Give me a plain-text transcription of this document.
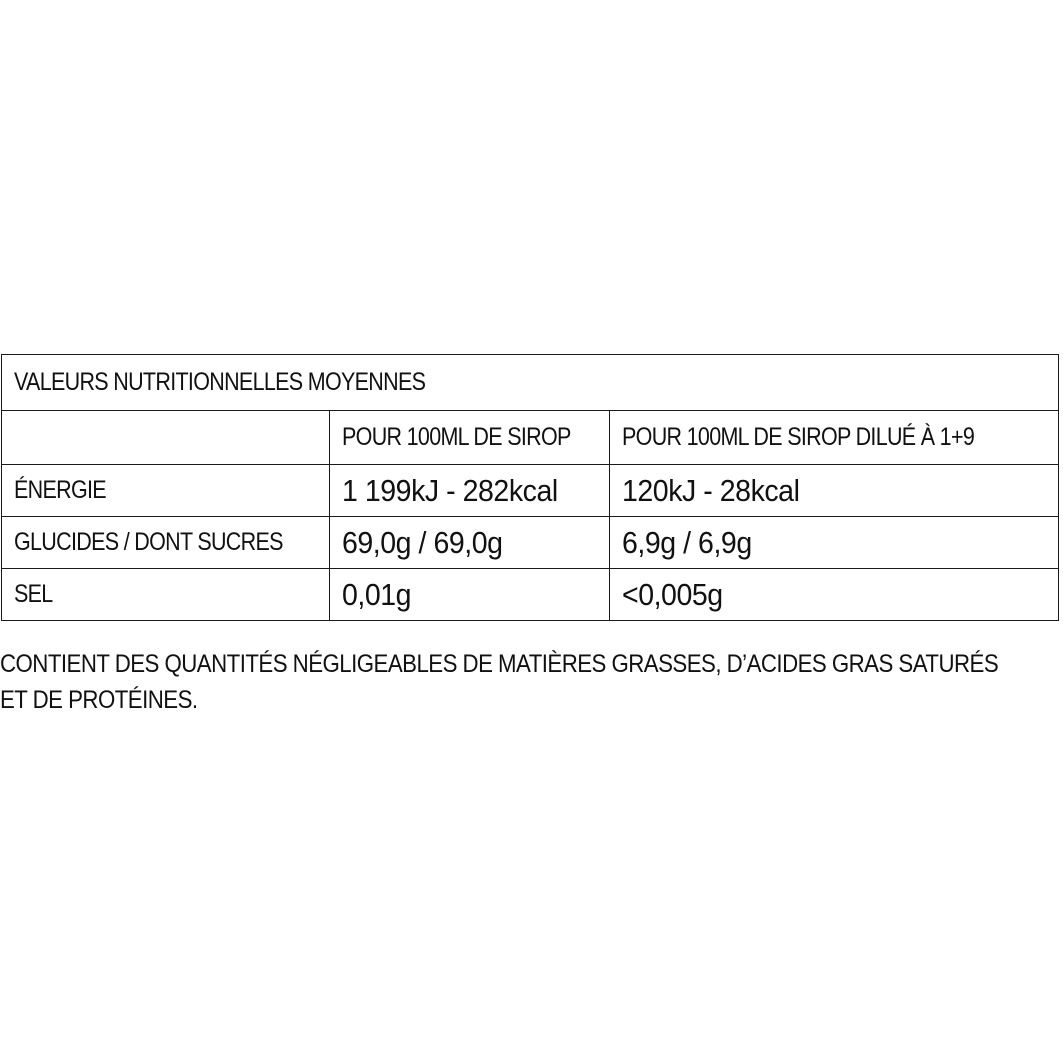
VALEURS NUTRITIONNELLES MOYENNES		
	POUR 100ML DE SIROP	POUR 100ML DE SIROP DILUÉ À 1+9
ÉNERGIE	1 199kJ - 282kcal	120kJ - 28kcal
GLUCIDES / DONT SUCRES	69,0g / 69,0g	6,9g / 6,9g
SEL	0,01g	<0,005g
CONTIENT DES QUANTITÉS NÉGLIGEABLES DE MATIÈRES GRASSES, D’ACIDES GRAS SATURÉS
ET DE PROTÉINES.
